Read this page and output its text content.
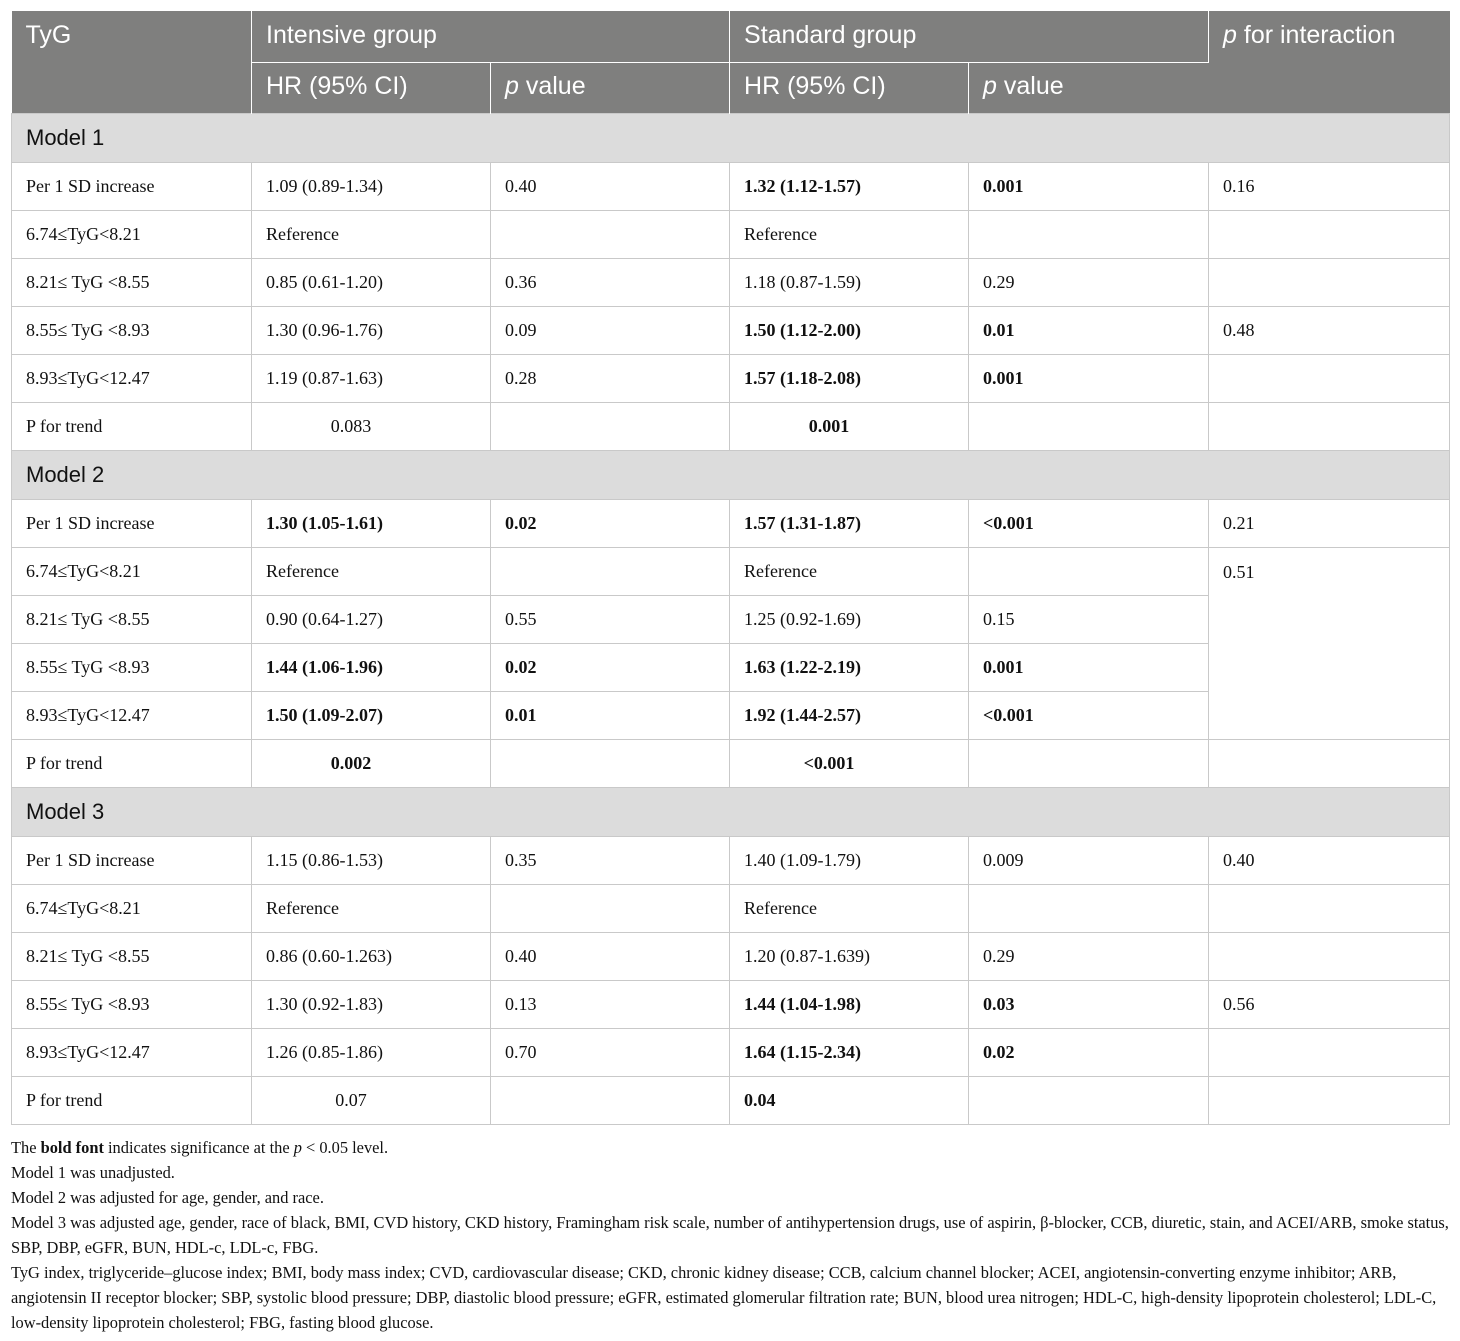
TyG	Intensive group		Standard group		p for interaction
	HR (95% CI)	p value	HR (95% CI)	p value	
Model 1					
Per 1 SD increase	1.09 (0.89-1.34)	0.40	1.32 (1.12-1.57)	0.001	0.16
6.74≤TyG<8.21	Reference		Reference		
8.21≤ TyG <8.55	0.85 (0.61-1.20)	0.36	1.18 (0.87-1.59)	0.29	
8.55≤ TyG <8.93	1.30 (0.96-1.76)	0.09	1.50 (1.12-2.00)	0.01	0.48
8.93≤TyG<12.47	1.19 (0.87-1.63)	0.28	1.57 (1.18-2.08)	0.001	
P for trend	0.083		0.001		
Model 2					
Per 1 SD increase	1.30 (1.05-1.61)	0.02	1.57 (1.31-1.87)	<0.001	0.21
6.74≤TyG<8.21	Reference		Reference		0.51
8.21≤ TyG <8.55	0.90 (0.64-1.27)	0.55	1.25 (0.92-1.69)	0.15	
8.55≤ TyG <8.93	1.44 (1.06-1.96)	0.02	1.63 (1.22-2.19)	0.001	
8.93≤TyG<12.47	1.50 (1.09-2.07)	0.01	1.92 (1.44-2.57)	<0.001	
P for trend	0.002		<0.001		
Model 3					
Per 1 SD increase	1.15 (0.86-1.53)	0.35	1.40 (1.09-1.79)	0.009	0.40
6.74≤TyG<8.21	Reference		Reference		
8.21≤ TyG <8.55	0.86 (0.60-1.263)	0.40	1.20 (0.87-1.639)	0.29	
8.55≤ TyG <8.93	1.30 (0.92-1.83)	0.13	1.44 (1.04-1.98)	0.03	0.56
8.93≤TyG<12.47	1.26 (0.85-1.86)	0.70	1.64 (1.15-2.34)	0.02	
P for trend	0.07		0.04		

The bold font indicates significance at the p < 0.05 level.

Model 1 was unadjusted.

Model 2 was adjusted for age, gender, and race.

Model 3 was adjusted age, gender, race of black, BMI, CVD history, CKD history, Framingham risk scale, number of antihypertension drugs, use of aspirin, β-blocker, CCB, diuretic, stain, and ACEI/ARB, smoke status, SBP, DBP, eGFR, BUN, HDL-c, LDL-c, FBG.

TyG index, triglyceride–glucose index; BMI, body mass index; CVD, cardiovascular disease; CKD, chronic kidney disease; CCB, calcium channel blocker; ACEI, angiotensin-converting enzyme inhibitor; ARB, angiotensin II receptor blocker; SBP, systolic blood pressure; DBP, diastolic blood pressure; eGFR, estimated glomerular filtration rate; BUN, blood urea nitrogen; HDL-C, high-density lipoprotein cholesterol; LDL-C, low-density lipoprotein cholesterol; FBG, fasting blood glucose.
